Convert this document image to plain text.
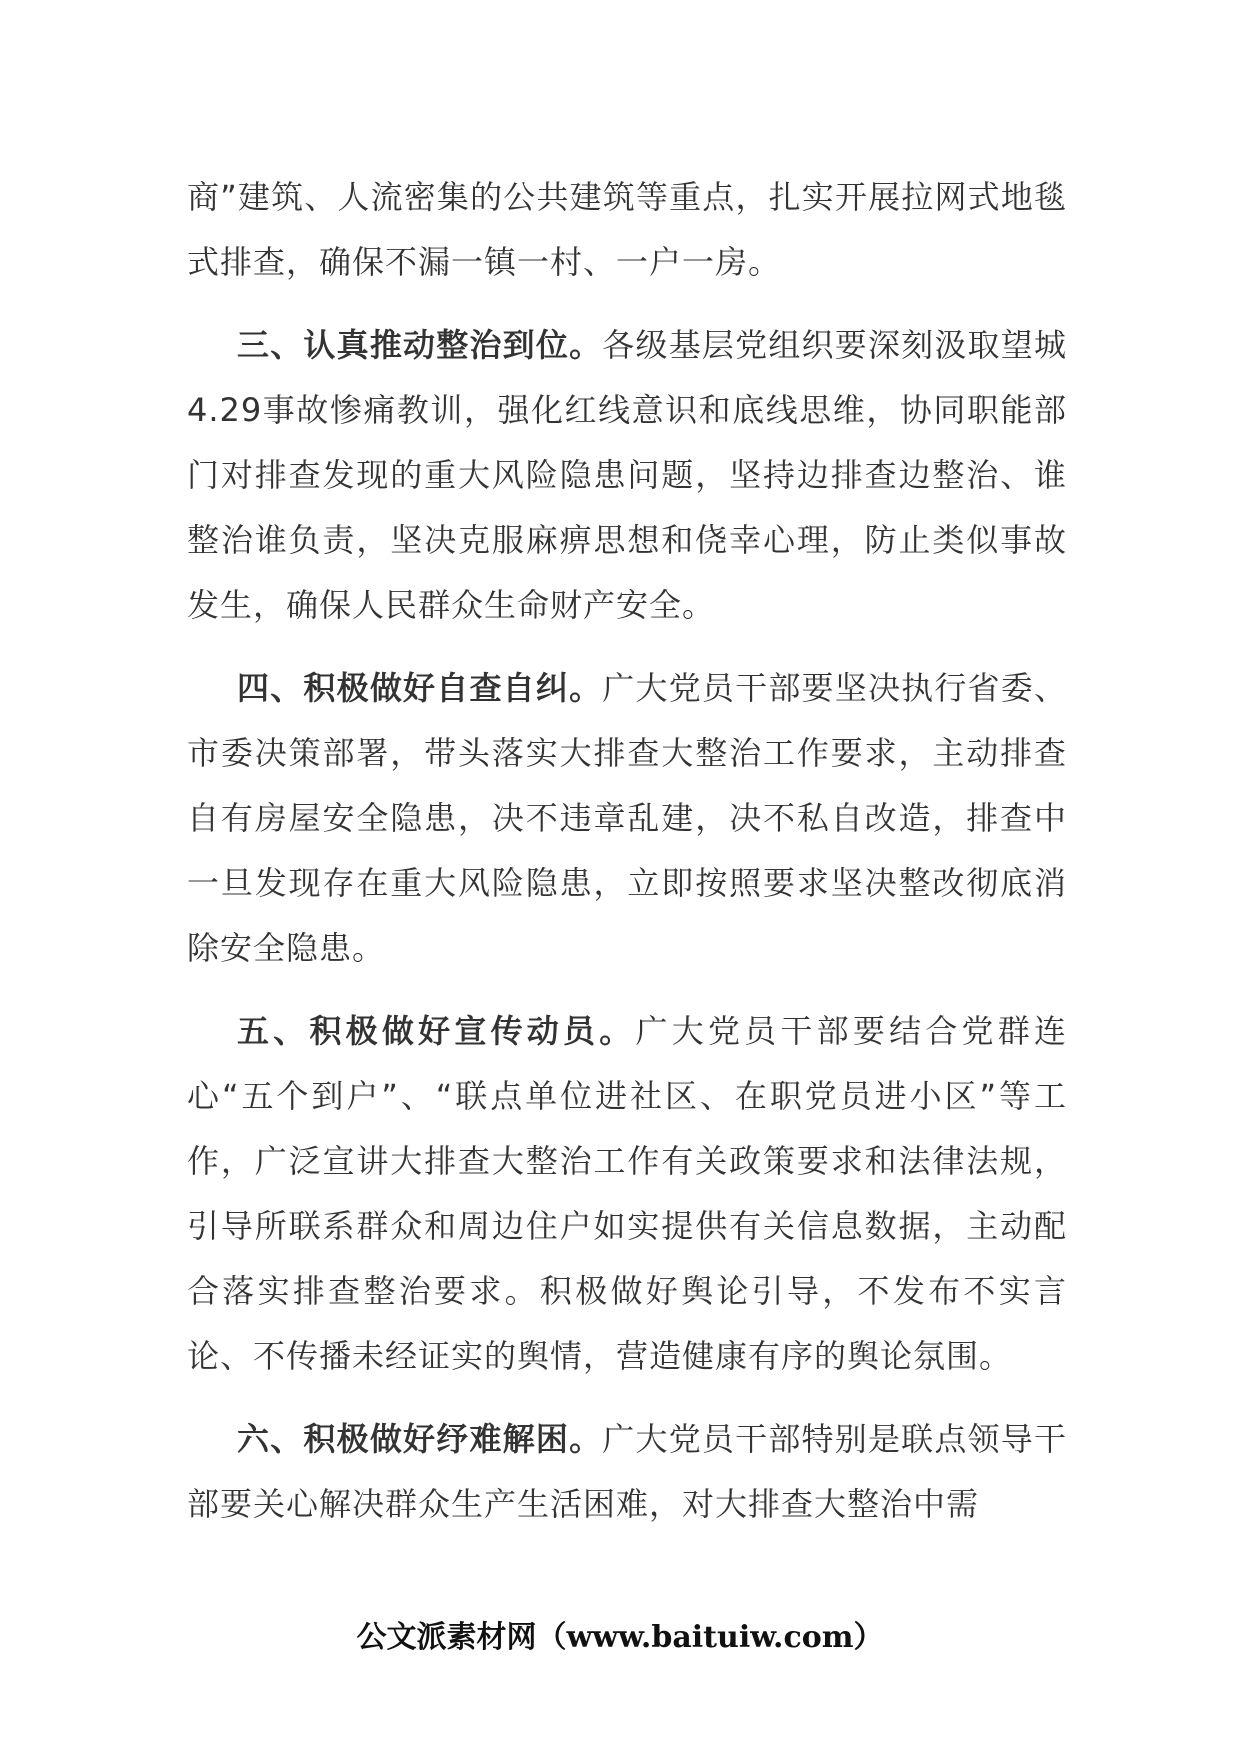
商”建筑、人流密集的公共建筑等重点，扎实开展拉网式地毯式排查，确保不漏一镇一村、一户一房。

三、认真推动整治到位。各级基层党组织要深刻汲取望城4.29事故惨痛教训，强化红线意识和底线思维，协同职能部门对排查发现的重大风险隐患问题，坚持边排查边整治、谁整治谁负责，坚决克服麻痹思想和侥幸心理，防止类似事故发生，确保人民群众生命财产安全。

四、积极做好自查自纠。广大党员干部要坚决执行省委、市委决策部署，带头落实大排查大整治工作要求，主动排查自有房屋安全隐患，决不违章乱建，决不私自改造，排查中一旦发现存在重大风险隐患，立即按照要求坚决整改彻底消除安全隐患。

五、积极做好宣传动员。广大党员干部要结合党群连心“五个到户”、“联点单位进社区、在职党员进小区”等工作，广泛宣讲大排查大整治工作有关政策要求和法律法规，引导所联系群众和周边住户如实提供有关信息数据，主动配合落实排查整治要求。积极做好舆论引导，不发布不实言论、不传播未经证实的舆情，营造健康有序的舆论氛围。

六、积极做好纾难解困。广大党员干部特别是联点领导干部要关心解决群众生产生活困难，对大排查大整治中需

公文派素材网（www.baituiw.com）
